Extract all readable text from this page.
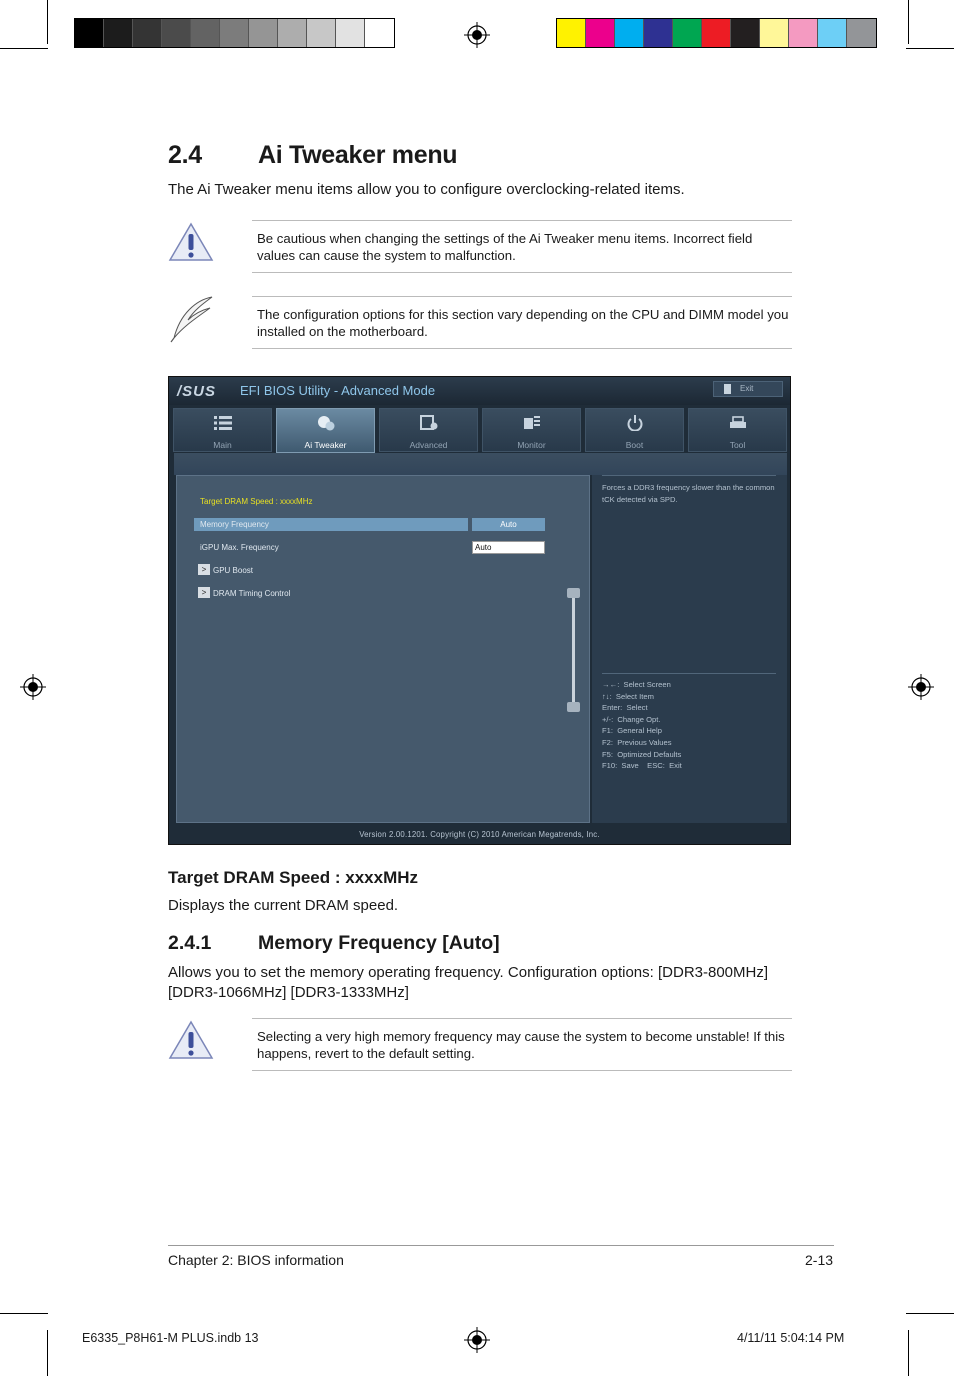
2.4 Ai Tweaker menu
The Ai Tweaker menu items allow you to configure overclocking-related items.
Be cautious when changing the settings of the Ai Tweaker menu items. Incorrect field values can cause the system to malfunction.
The configuration options for this section vary depending on the CPU and DIMM model you installed on the motherboard.
/SUS EFI BIOS Utility - Advanced Mode	Exit
Main	Ai Tweaker	Advanced	Monitor	Boot	Tool
Target DRAM Speed : xxxxMHz
Memory Frequency	Auto
iGPU Max. Frequency	Auto
> GPU Boost
> DRAM Timing Control
Forces a DDR3 frequency slower than the common tCK detected via SPD.
→←:  Select Screen
↑↓:  Select Item
Enter:  Select
+/-:  Change Opt.
F1:  General Help
F2:  Previous Values
F5:  Optimized Defaults
F10:  Save    ESC:  Exit
Version 2.00.1201. Copyright (C) 2010 American Megatrends, Inc.
Target DRAM Speed : xxxxMHz
Displays the current DRAM speed.
2.4.1 Memory Frequency [Auto]
Allows you to set the memory operating frequency. Configuration options: [DDR3-800MHz] [DDR3-1066MHz] [DDR3-1333MHz]
Selecting a very high memory frequency may cause the system to become unstable! If this happens, revert to the default setting.
Chapter 2: BIOS information	2-13
E6335_P8H61-M PLUS.indb 13	4/11/11 5:04:14 PM
